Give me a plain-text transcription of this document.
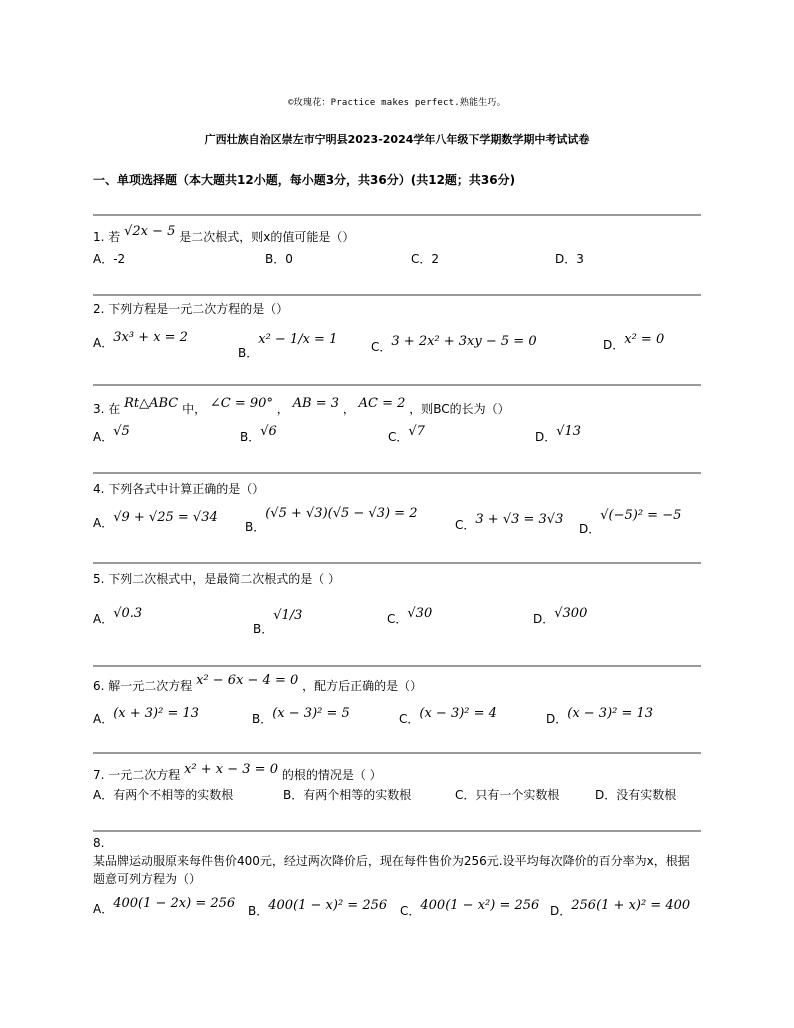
©玫瑰花：Practice makes perfect.熟能生巧。
广西壮族自治区崇左市宁明县2023-2024学年八年级下学期数学期中考试试卷
一、单项选择题（本大题共12小题，每小题3分，共36分）(共12题；共36分)
1. 若 √2x − 5 是二次根式，则x的值可能是（）
A．-2	B．0	C．2	D．3
2. 下列方程是一元二次方程的是（）
A．3x³ + x = 2
B．x² − 1/x = 1	C．3 + 2x² + 3xy − 5 = 0	D．x² = 0
3. 在 Rt△ABC 中， ∠C = 90° ， AB = 3 ， AC = 2 ，则BC的长为（）
A．√5	B．√6	C．√7	D．√13
4. 下列各式中计算正确的是（）
A．√9 + √25 = √34
B．(√5 + √3)(√5 − √3) = 2
C．3 + √3 = 3√3
D．√(−5)² = −5
5. 下列二次根式中，是最简二次根式的是（ ）
A．√0.3
B．√1/3	C．√30	D．√300
6. 解一元二次方程 x² − 6x − 4 = 0 ，配方后正确的是（）
A．(x + 3)² = 13	B．(x − 3)² = 5	C．(x − 3)² = 4	D．(x − 3)² = 13
7. 一元二次方程 x² + x − 3 = 0 的根的情况是（ ）
A．有两个不相等的实数根	B．有两个相等的实数根	C．只有一个实数根	D．没有实数根
8.
某品牌运动服原来每件售价400元，经过两次降价后，现在每件售价为256元.设平均每次降价的百分率为x，根据题意可列方程为（）
A．400(1 − 2x) = 256 B．400(1 − x)² = 256 C．400(1 − x²) = 256 D．256(1 + x)² = 400
